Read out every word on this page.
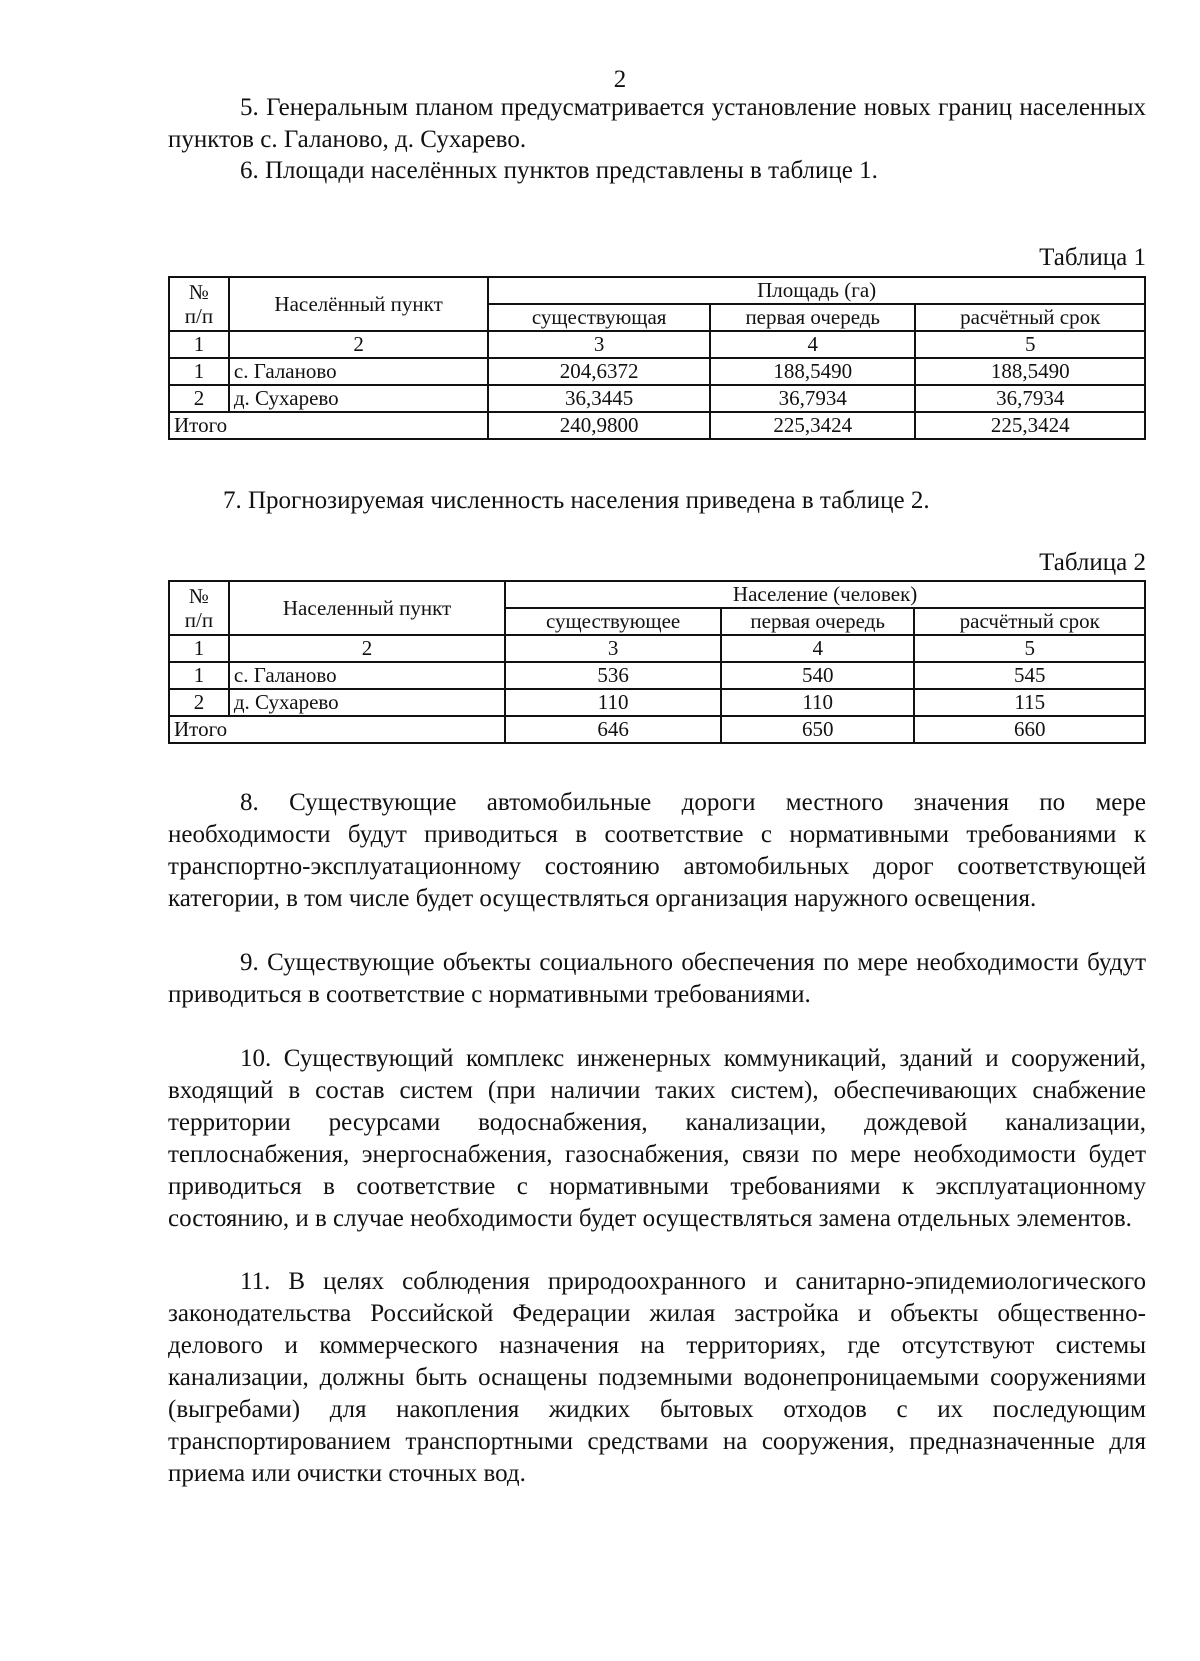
2

5. Генеральным планом предусматривается установление новых границ населенных пунктов с. Галаново, д. Сухарево.

6. Площади населённых пунктов представлены в таблице 1.

Таблица 1
№
п/п	Населённый пункт	Площадь (га)		
		существующая	первая очередь	расчётный срок
1	2	3	4	5
1	с. Галаново	204,6372	188,5490	188,5490
2	д. Сухарево	36,3445	36,7934	36,7934
Итого		240,9800	225,3424	225,3424

7. Прогнозируемая численность населения приведена в таблице 2.

Таблица 2
№
п/п	Населенный пункт	Население (человек)		
		существующее	первая очередь	расчётный срок
1	2	3	4	5
1	с. Галаново	536	540	545
2	д. Сухарево	110	110	115
Итого		646	650	660

8. Существующие автомобильные дороги местного значения по мере необходимости будут приводиться в соответствие с нормативными требованиями к транспортно-эксплуатационному состоянию автомобильных дорог соответствующей категории, в том числе будет осуществляться организация наружного освещения.

9. Существующие объекты социального обеспечения по мере необходимости будут приводиться в соответствие с нормативными требованиями.

10. Существующий комплекс инженерных коммуникаций, зданий и сооружений, входящий в состав систем (при наличии таких систем), обеспечивающих снабжение территории ресурсами водоснабжения, канализации, дождевой канализации, теплоснабжения, энергоснабжения, газоснабжения, связи по мере необходимости будет приводиться в соответствие с нормативными требованиями к эксплуатационному состоянию, и в случае необходимости будет осуществляться замена отдельных элементов.

11. В целях соблюдения природоохранного и санитарно-эпидемиологического законодательства Российской Федерации жилая застройка и объекты общественно-делового и коммерческого назначения на территориях, где отсутствуют системы канализации, должны быть оснащены подземными водонепроницаемыми сооружениями (выгребами) для накопления жидких бытовых отходов с их последующим транспортированием транспортными средствами на сооружения, предназначенные для приема или очистки сточных вод.
